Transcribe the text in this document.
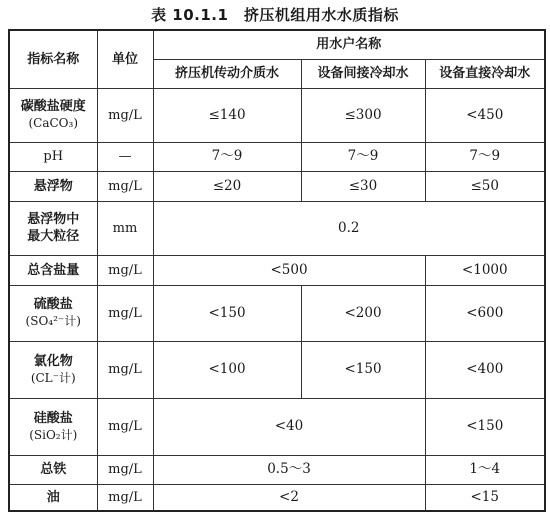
表 10.1.1　挤压机组用水水质指标
指标名称	单位	用水户名称		
		挤压机传动介质水	设备间接冷却水	设备直接冷却水
碳酸盐硬度
(CaCO₃)	mg/L	≤140	≤300	<450
pH	—	7～9	7～9	7～9
悬浮物	mg/L	≤20	≤30	≤50
悬浮物中
最大粒径	mm	0.2		
总含盐量	mg/L	<500		<1000
硫酸盐
(SO₄²⁻计)	mg/L	<150	<200	<600
氯化物
(CL⁻计)	mg/L	<100	<150	<400
硅酸盐
(SiO₂计)	mg/L	<40		<150
总铁	mg/L	0.5～3		1～4
油	mg/L	<2		<15
